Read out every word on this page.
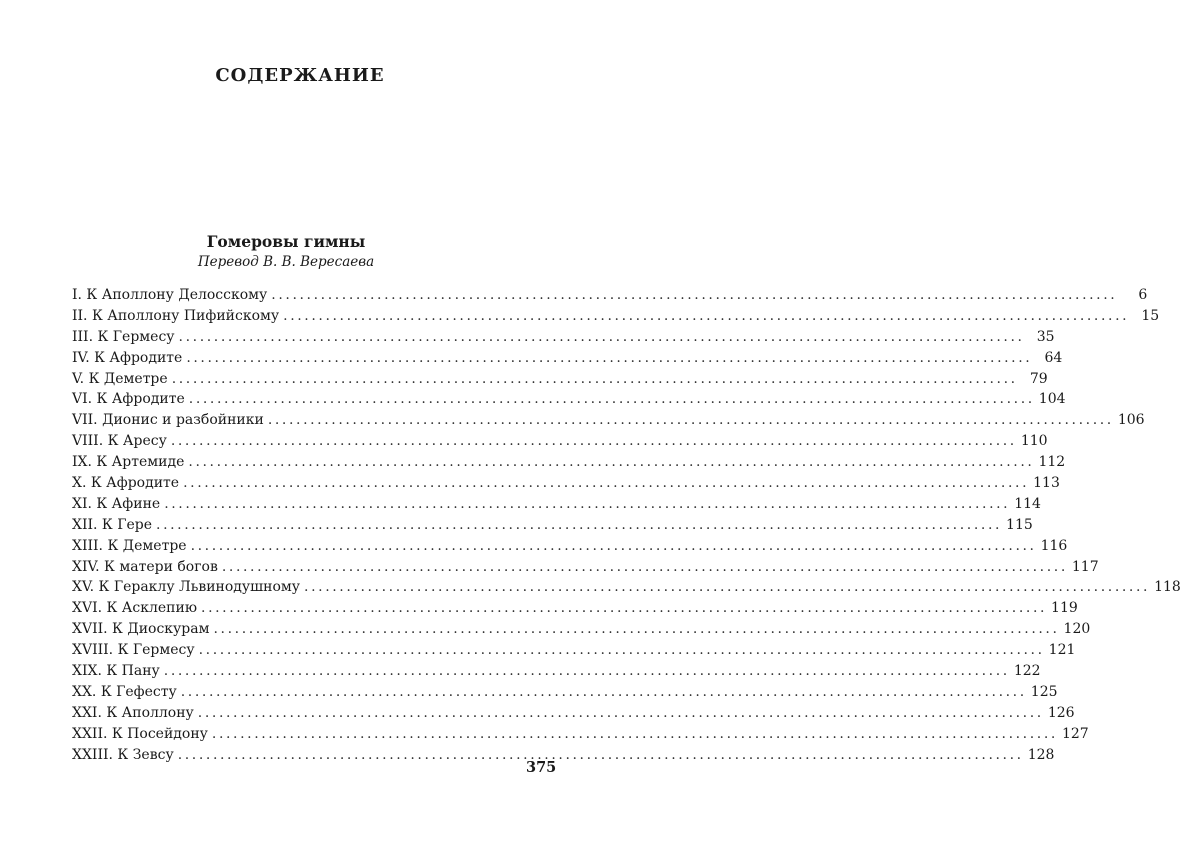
СОДЕРЖАНИЕ
Гомеровы гимны
Перевод В. В. Вересаева
I. К Аполлону Делосскому ........................................................................................................................	6
II. К Аполлону Пифийскому ........................................................................................................................ 15
III. К Гермесу ........................................................................................................................ 35
IV. К Афродите ........................................................................................................................ 64
V. К Деметре ........................................................................................................................ 79
VI. К Афродите ........................................................................................................................ 104
VII. Дионис и разбойники ........................................................................................................................ 106
VIII. К Аресу ........................................................................................................................ 110
IX. К Артемиде ........................................................................................................................ 112
X. К Афродите ........................................................................................................................ 113
XI. К Афине ........................................................................................................................ 114
XII. К Гере ........................................................................................................................ 115
XIII. К Деметре ........................................................................................................................ 116
XIV. К матери богов ........................................................................................................................ 117
XV. К Гераклу Львинодушному ........................................................................................................................ 118
XVI. К Асклепию ........................................................................................................................ 119
XVII. К Диоскурам ........................................................................................................................ 120
XVIII. К Гермесу ........................................................................................................................ 121
XIX. К Пану ........................................................................................................................ 122
XX. К Гефесту ........................................................................................................................ 125
XXI. К Аполлону ........................................................................................................................ 126
XXII. К Посейдону ........................................................................................................................ 127
XXIII. К Зевсу ........................................................................................................................ 128
375
